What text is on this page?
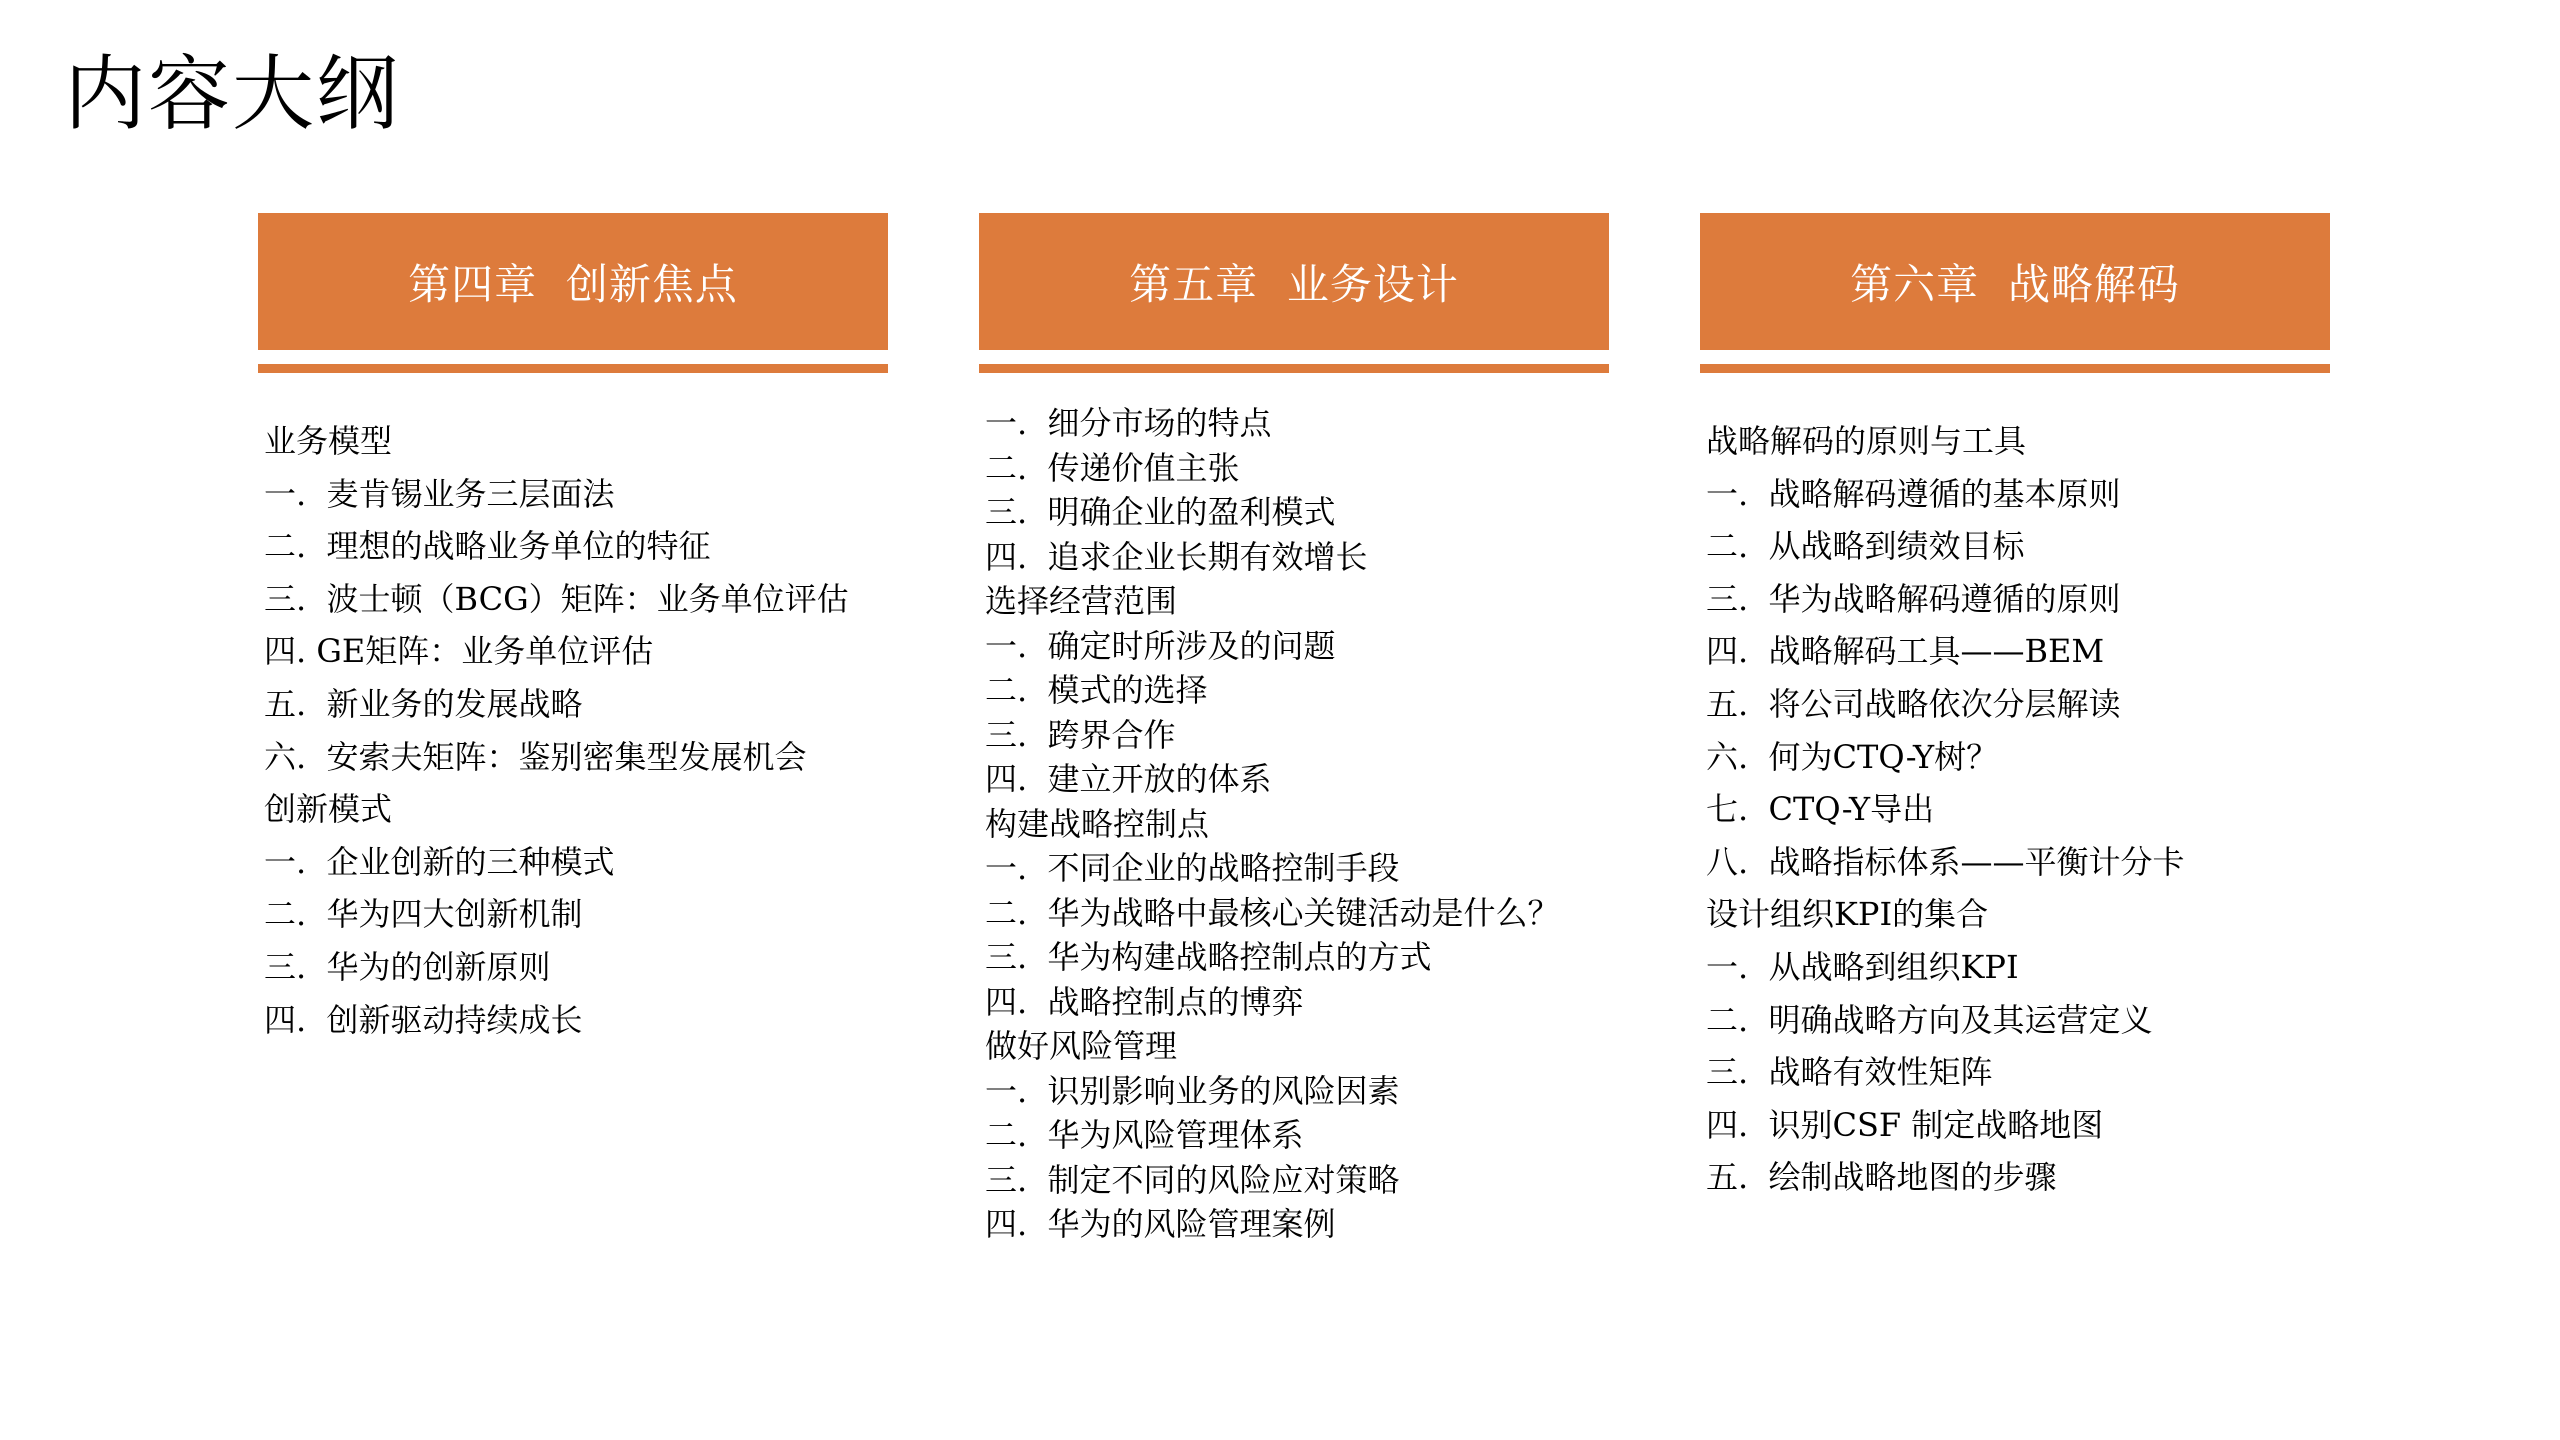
内容大纲
第四章  创新焦点
业务模型
一.  麦肯锡业务三层面法
二.  理想的战略业务单位的特征
三.  波士顿（BCG）矩阵：业务单位评估
四. GE矩阵：业务单位评估
五.  新业务的发展战略
六.  安索夫矩阵：鉴别密集型发展机会
创新模式
一.  企业创新的三种模式
二.  华为四大创新机制
三.  华为的创新原则
四.  创新驱动持续成长
第五章  业务设计
一.  细分市场的特点
二.  传递价值主张
三.  明确企业的盈利模式
四.  追求企业长期有效增长
选择经营范围
一.  确定时所涉及的问题
二.  模式的选择
三.  跨界合作
四.  建立开放的体系
构建战略控制点
一.  不同企业的战略控制手段
二.  华为战略中最核心关键活动是什么？
三.  华为构建战略控制点的方式
四.  战略控制点的博弈
做好风险管理
一.  识别影响业务的风险因素
二.  华为风险管理体系
三.  制定不同的风险应对策略
四.  华为的风险管理案例
第六章  战略解码
战略解码的原则与工具
一.  战略解码遵循的基本原则
二.  从战略到绩效目标
三.  华为战略解码遵循的原则
四.  战略解码工具——BEM
五.  将公司战略依次分层解读
六.  何为CTQ-Y树？
七.  CTQ-Y导出
八.  战略指标体系——平衡计分卡
设计组织KPI的集合
一.  从战略到组织KPI
二.  明确战略方向及其运营定义
三.  战略有效性矩阵
四.  识别CSF 制定战略地图
五.  绘制战略地图的步骤
